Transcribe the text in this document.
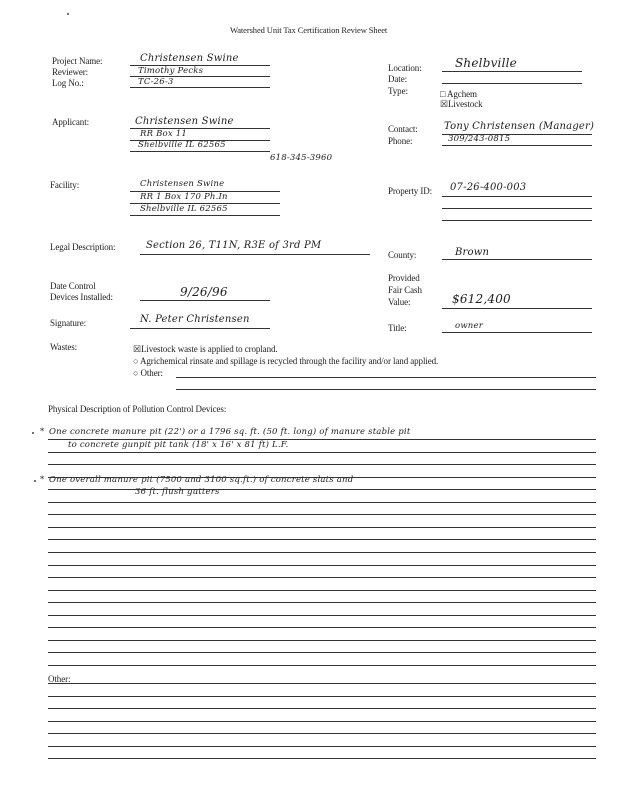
Watershed Unit Tax Certification Review Sheet
Project Name:
Reviewer:
Log No.:
Applicant:
Facility:
Legal Description:
Date Control
Devices Installed:
Signature:
Wastes:
Location:
Date:
Type:	□ Agchem
☒Livestock
Contact:
Phone:
Property ID:
County:
Provided
Fair Cash
Value:
Title:
Christensen Swine
Timothy Pecks
TC-26-3
Shelbville
Christensen Swine
RR Box 11
Shelbville IL 62565
618-345-3960
Tony Christensen (Manager)
309/243-0815
Christensen Swine
RR 1 Box 170 Ph.In
Shelbville IL 62565
07-26-400-003
Section 26, T11N, R3E of 3rd PM
Brown
9/26/96	$612,400
N. Peter Christensen
owner
☒Livestock waste is applied to cropland.
○ Agrichemical rinsate and spillage is recycled through the facility and/or land applied.
○ Other:
Physical Description of Pollution Control Devices:
* One concrete manure pit (22') or a 1796 sq. ft. (50 ft. long) of manure stable pit
to concrete gunpit pit tank (18' x 16' x 81 ft) L.F.
* One overall manure pit (7500 and 3100 sq.ft.) of concrete slats and
36 ft. flush gutters
Other:
